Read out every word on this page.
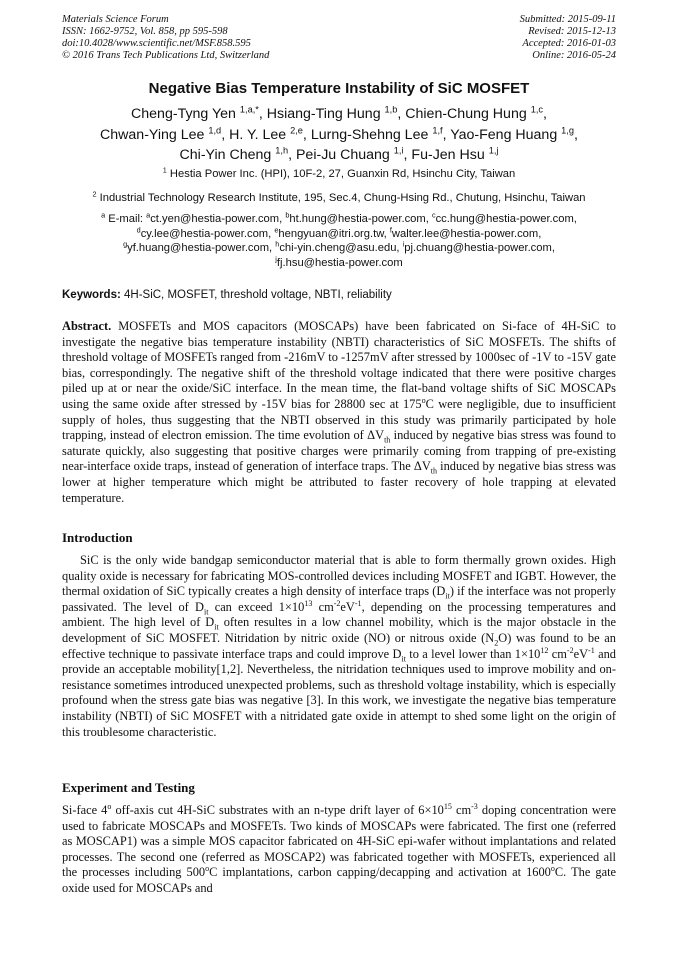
Materials Science Forum
ISSN: 1662-9752, Vol. 858, pp 595-598
doi:10.4028/www.scientific.net/MSF.858.595
© 2016 Trans Tech Publications Ltd, Switzerland
Submitted: 2015-09-11
Revised: 2015-12-13
Accepted: 2016-01-03
Online: 2016-05-24
Negative Bias Temperature Instability of SiC MOSFET
Cheng-Tyng Yen $^{1,a,*}$, Hsiang-Ting Hung $^{1,b}$, Chien-Chung Hung $^{1,c}$,
Chwan-Ying Lee $^{1,d}$, H. Y. Lee $^{2,e}$, Lurng-Shehng Lee $^{1,f}$, Yao-Feng Huang $^{1,g}$,
Chi-Yin Cheng $^{1,h}$, Pei-Ju Chuang $^{1,i}$, Fu-Jen Hsu $^{1,j}$
$^1$ Hestia Power Inc. (HPI), 10F-2, 27, Guanxin Rd, Hsinchu City, Taiwan
$^2$ Industrial Technology Research Institute, 195, Sec.4, Chung-Hsing Rd., Chutung, Hsinchu, Taiwan
$^a$ E-mail: $^a$ct.yen@hestia-power.com, $^b$ht.hung@hestia-power.com, $^c$cc.hung@hestia-power.com,
$^d$cy.lee@hestia-power.com, $^e$hengyuan@itri.org.tw, $^f$walter.lee@hestia-power.com,
$^g$yf.huang@hestia-power.com, $^h$chi-yin.cheng@asu.edu, $^i$pj.chuang@hestia-power.com,
$^j$fj.hsu@hestia-power.com
Keywords: 4H-SiC, MOSFET, threshold voltage, NBTI, reliability
Abstract. MOSFETs and MOS capacitors (MOSCAPs) have been fabricated on Si-face of 4H-SiC to investigate the negative bias temperature instability (NBTI) characteristics of SiC MOSFETs. The shifts of threshold voltage of MOSFETs ranged from -216mV to -1257mV after stressed by 1000sec of -1V to -15V gate bias, correspondingly. The negative shift of the threshold voltage indicated that there were positive charges piled up at or near the oxide/SiC interface. In the mean time, the flat-band voltage shifts of SiC MOSCAPs using the same oxide after stressed by -15V bias for 28800 sec at 175$^o$C were negligible, due to insufficient supply of holes, thus suggesting that the NBTI observed in this study was primarily participated by hole trapping, instead of electron emission. The time evolution of $\Delta V_{th}$ induced by negative bias stress was found to saturate quickly, also suggesting that positive charges were primarily coming from trapping of pre-existing near-interface oxide traps, instead of generation of interface traps. The $\Delta V_{th}$ induced by negative bias stress was lower at higher temperature which might be attributed to faster recovery of hole trapping at elevated temperature.
Introduction
SiC is the only wide bandgap semiconductor material that is able to form thermally grown oxides. High quality oxide is necessary for fabricating MOS-controlled devices including MOSFET and IGBT. However, the thermal oxidation of SiC typically creates a high density of interface traps $(D_{it})$ if the interface was not properly passivated. The level of $D_{it}$ can exceed $1\times 10^{13}$ $cm^{-2}eV^{-1}$, depending on the processing temperatures and ambient. The high level of $D_{it}$ often resultes in a low channel mobility, which is the major obstacle in the development of SiC MOSFET. Nitridation by nitric oxide (NO) or nitrous oxide $(N_2O)$ was found to be an effective technique to passivate interface traps and could improve $D_{it}$ to a level lower than $1\times 10^{12}$ $cm^{-2}eV^{-1}$ and provide an acceptable mobility[1,2]. Nevertheless, the nitridation techniques used to improve mobility and on-resistance sometimes introduced unexpected problems, such as threshold voltage instability, which is especially profound when the stress gate bias was negative [3]. In this work, we investigate the negative bias temperature instability (NBTI) of SiC MOSFET with a nitridated gate oxide in attempt to shed some light on the origin of this troublesome characteristic.
Experiment and Testing
Si-face 4$^o$ off-axis cut 4H-SiC substrates with an n-type drift layer of $6\times 10^{15}$ $cm^{-3}$ doping concentration were used to fabricate MOSCAPs and MOSFETs. Two kinds of MOSCAPs were fabricated. The first one (referred as MOSCAP1) was a simple MOS capacitor fabricated on 4H-SiC epi-wafer without implantations and related processes. The second one (referred as MOSCAP2) was fabricated together with MOSFETs, experienced all the processes including 500$^o$C implantations, carbon capping/decapping and activation at 1600$^o$C. The gate oxide used for MOSCAPs and
